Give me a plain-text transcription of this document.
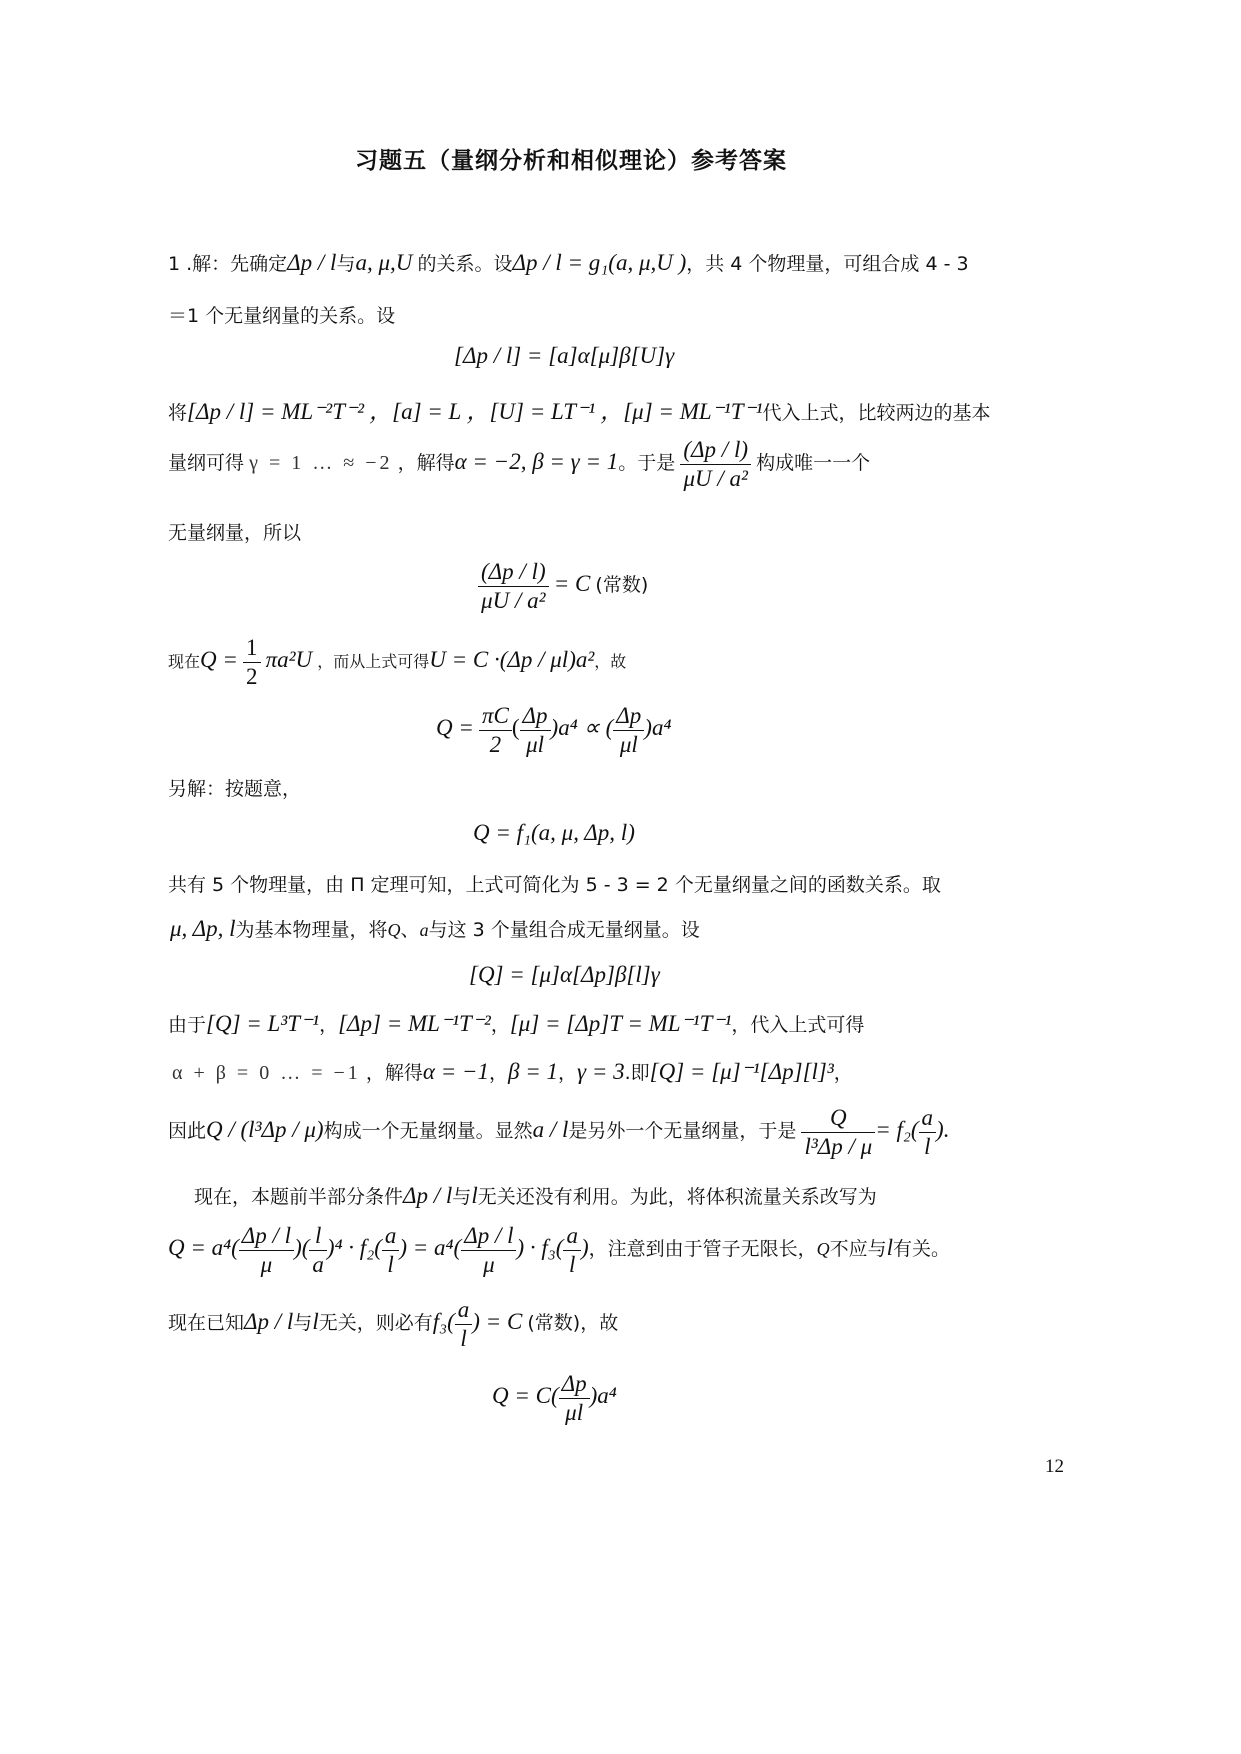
习题五（量纲分析和相似理论）参考答案
1 .解：先确定Δp / l与a, μ,U 的关系。设Δp / l = g₁(a, μ,U )，共 4 个物理量，可组合成 4 - 3
＝1 个无量纲量的关系。设
[Δp / l] = [a]α[μ]β[U]γ
将[Δp / l] = ML⁻²T⁻² ，[a] = L ，[U] = LT⁻¹ ，[μ] = ML⁻¹T⁻¹代入上式，比较两边的基本
量纲可得 γ = 1 … ≈ −2 ，解得α = −2, β = γ = 1。于是 $\frac{(\Delta p / l)}{\text{μU / a²}}$ 构成唯一一个
无量纲量，所以
$\frac{(\Delta p / l)}{\text{μU / a²}} = C$ (常数)
现在$Q = \frac{1}{2} \pi a^2U$ ，而从上式可得U = C ·(Δp / μl)a²，故
$Q = \frac{\pi C}{2}$ ( $\frac{\Delta p}{\mu l} )a^4$ ∝ ( $\frac{\Delta p}{\mu l} )a^4$
另解：按题意，
Q = f₁(a, μ, Δp, l)
共有 5 个物理量，由 Π 定理可知，上式可简化为 5 - 3 = 2 个无量纲量之间的函数关系。取
μ, Δp, l为基本物理量，将Q、a与这 3 个量组合成无量纲量。设
[Q] = [μ]α[Δp]β[l]γ
由于[Q] = L³T⁻¹，[Δp] = ML⁻¹T⁻²，[μ] = [Δp]T = ML⁻¹T⁻¹，代入上式可得
α + β = 0 … = −1 ，解得α = −1，β = 1，γ = 3.即[Q] = [μ]⁻¹[Δp][l]³，
因此Q / (l³Δp / μ)构成一个无量纲量。显然a / l是另外一个无量纲量，于是 $\frac{Q}{\text{l³Δp / μ}} = f_2( \frac{a}{l}$ ).
现在，本题前半部分条件Δp / l与l无关还没有利用。为此，将体积流量关系改写为
$Q = a^4( \frac{\Delta p / l}{\mu}$ )( $\frac{l}{a} )^4 \cdot f_2( \frac{a}{l}$ ) = $a^4( \frac{\Delta p / l}{\mu}$ ) · $f_3( \frac{a}{l}$ )，注意到由于管子无限长，Q不应与l有关。
现在已知Δp / l与l无关，则必有$f_3( \frac{a}{l}$ ) = C (常数)，故
$Q = C( \frac{\Delta p}{\mu l} )a^4$
12
